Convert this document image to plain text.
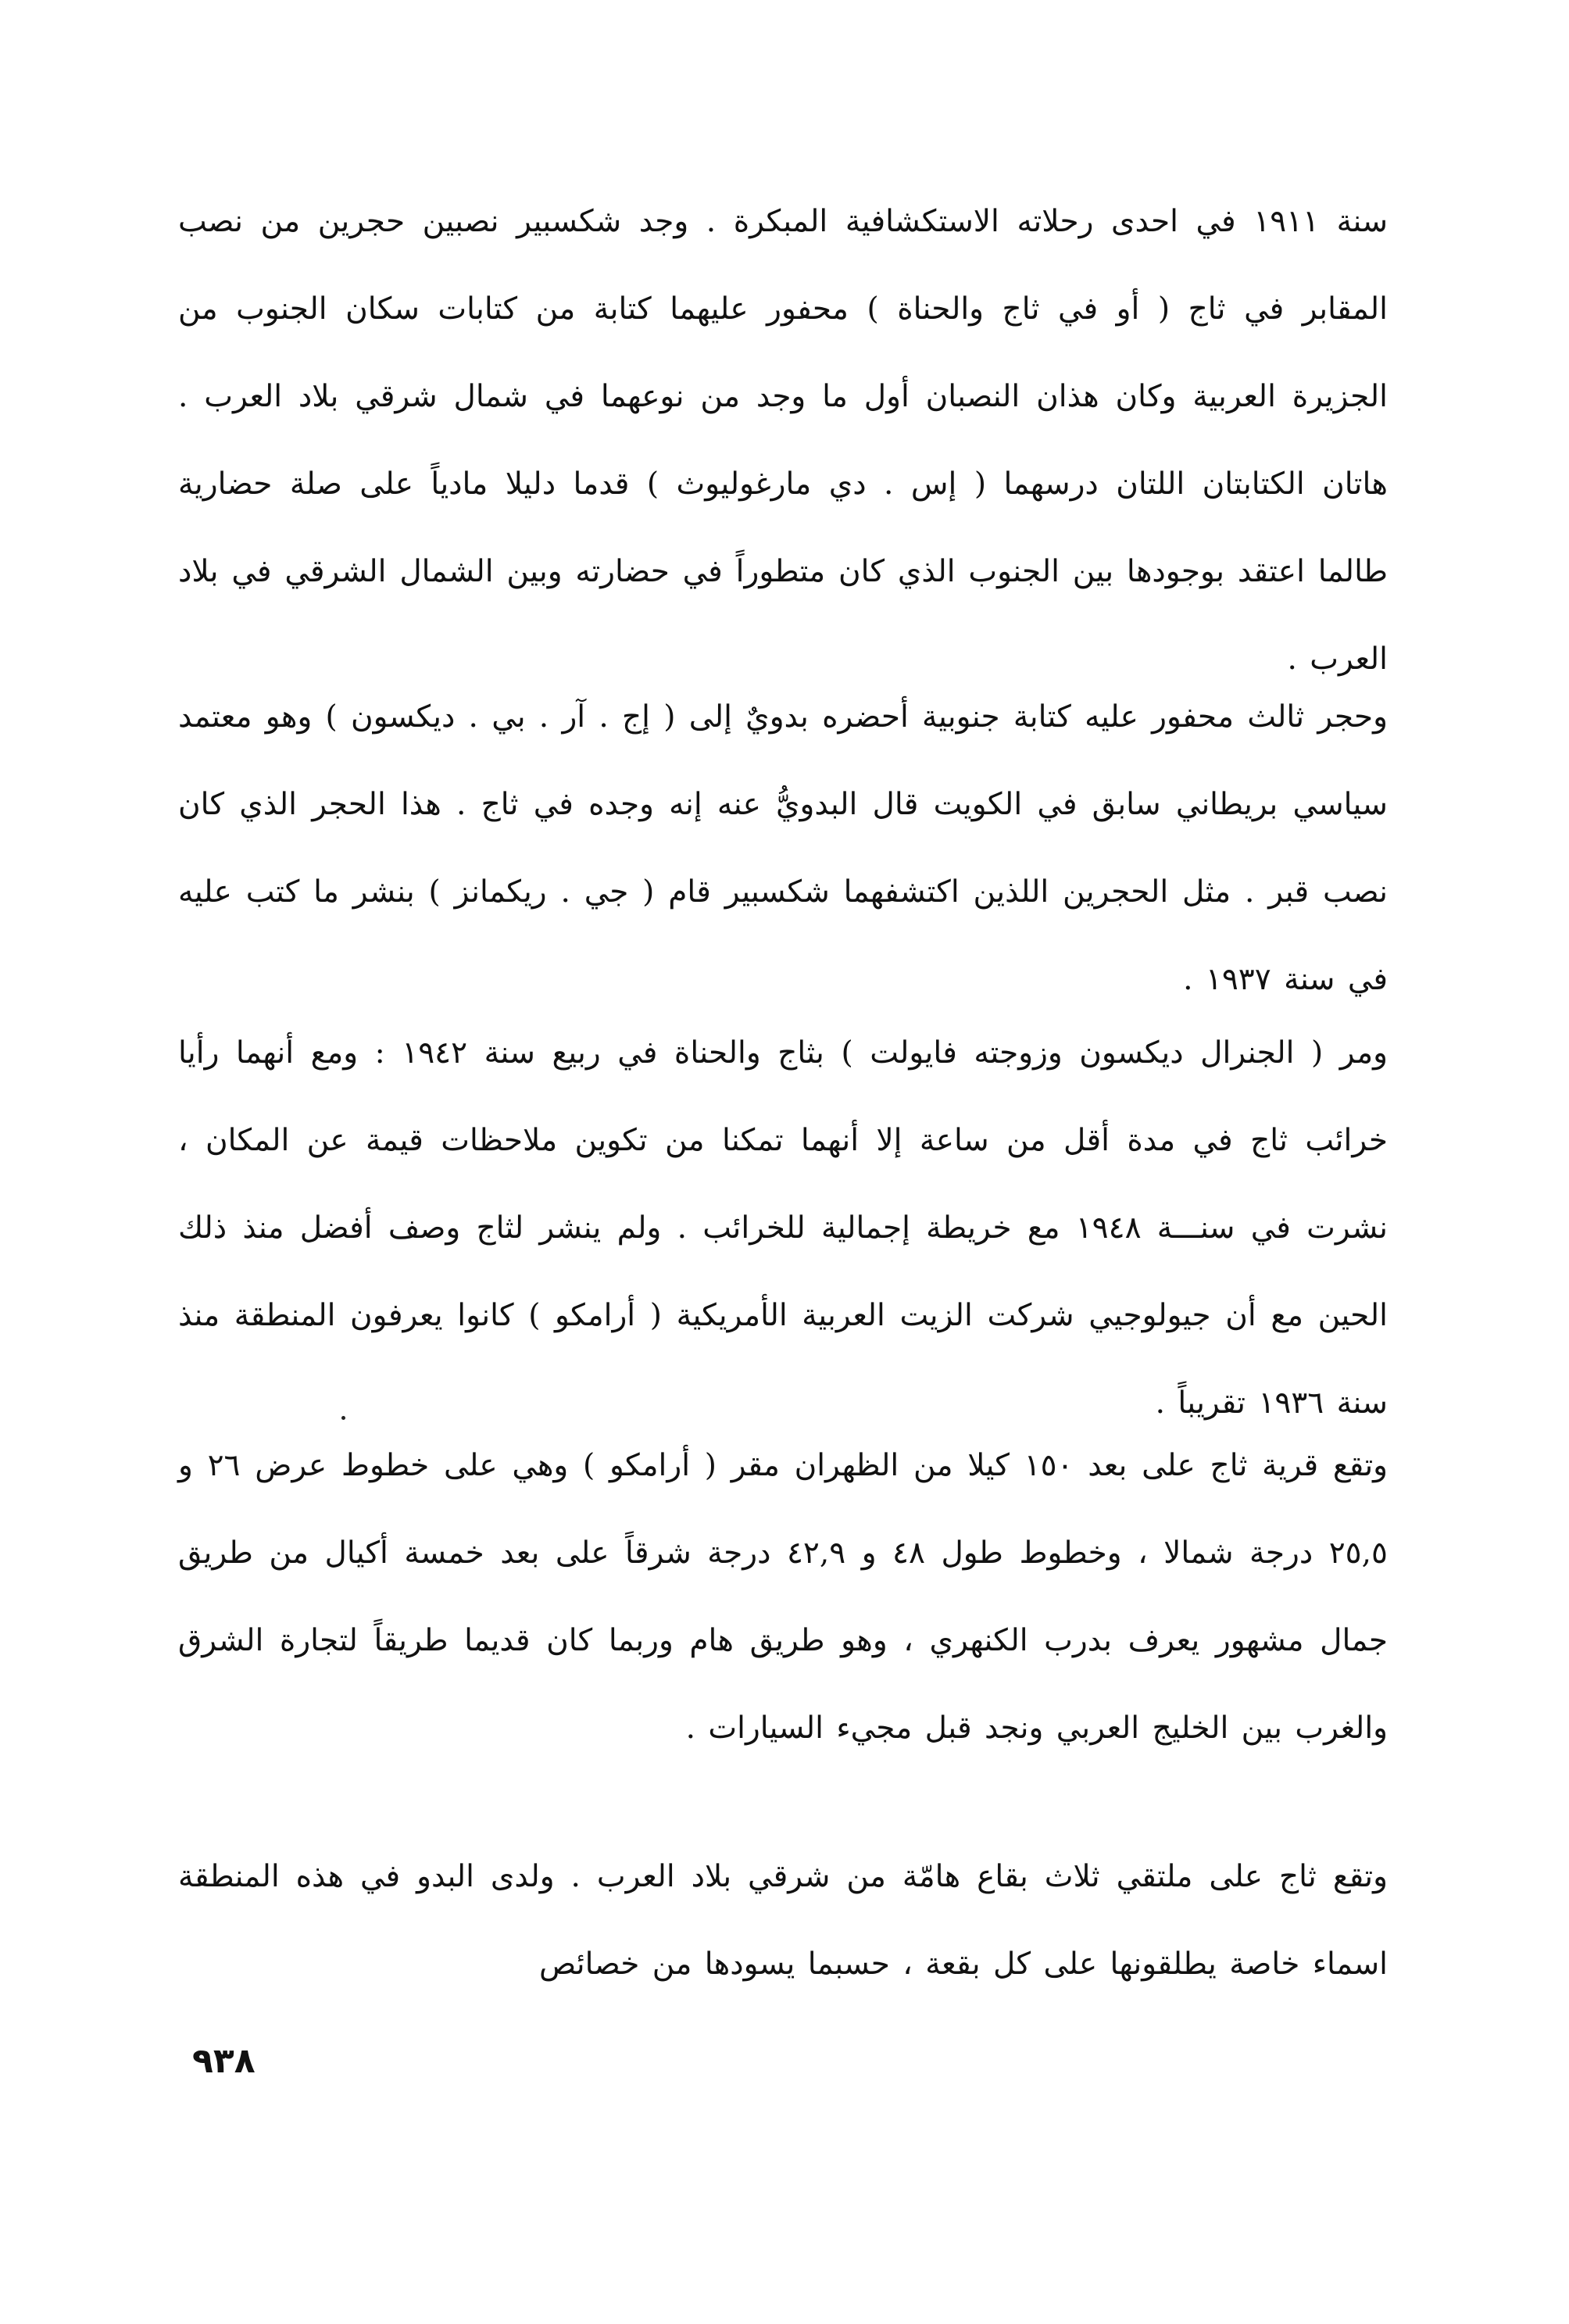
سنة ١٩١١ في احدى رحلاته الاستكشافية المبكرة . وجد شكسبير نصبين حجرين من نصب المقابر في ثاج ( أو في ثاج والحناة ) محفور عليهما كتابة من كتابات سكان الجنوب من الجزيرة العربية وكان هذان النصبان أول ما وجد من نوعهما في شمال شرقي بلاد العرب . هاتان الكتابتان اللتان درسهما ( إس . دي مارغوليوث ) قدما دليلا مادياً على صلة حضارية طالما اعتقد بوجودها بين الجنوب الذي كان متطوراً في حضارته وبين الشمال الشرقي في بلاد العرب .

وحجر ثالث محفور عليه كتابة جنوبية أحضره بدويٌ إلى ( إج . آر . بي . ديكسون ) وهو معتمد سياسي بريطاني سابق في الكويت قال البدويُّ عنه إنه وجده في ثاج . هذا الحجر الذي كان نصب قبر . مثل الحجرين اللذين اكتشفهما شكسبير قام ( جي . ريكمانز ) بنشر ما كتب عليه في سنة ١٩٣٧ .

ومر ( الجنرال ديكسون وزوجته فايولت ) بثاج والحناة في ربيع سنة ١٩٤٢ : ومع أنهما رأيا خرائب ثاج في مدة أقل من ساعة إلا أنهما تمكنا من تكوين ملاحظات قيمة عن المكان ، نشرت في سنـــة ١٩٤٨ مع خريطة إجمالية للخرائب . ولم ينشر لثاج وصف أفضل منذ ذلك الحين مع أن جيولوجيي شركت الزيت العربية الأمريكية ( أرامكو ) كانوا يعرفون المنطقة منذ سنة ١٩٣٦ تقريباً .

وتقع قرية ثاج على بعد ١٥٠ كيلا من الظهران مقر ( أرامكو ) وهي على خطوط عرض ٢٦ و ٢٥,٥ درجة شمالا ، وخطوط طول ٤٨ و ٤٢,٩ درجة شرقاً على بعد خمسة أكيال من طريق جمال مشهور يعرف بدرب الكنهري ، وهو طريق هام وربما كان قديما طريقاً لتجارة الشرق والغرب بين الخليج العربي ونجد قبل مجيء السيارات .

وتقع ثاج على ملتقي ثلاث بقاع هامّة من شرقي بلاد العرب . ولدى البدو في هذه المنطقة اسماء خاصة يطلقونها على كل بقعة ، حسبما يسودها من خصائص

٩٣٨
